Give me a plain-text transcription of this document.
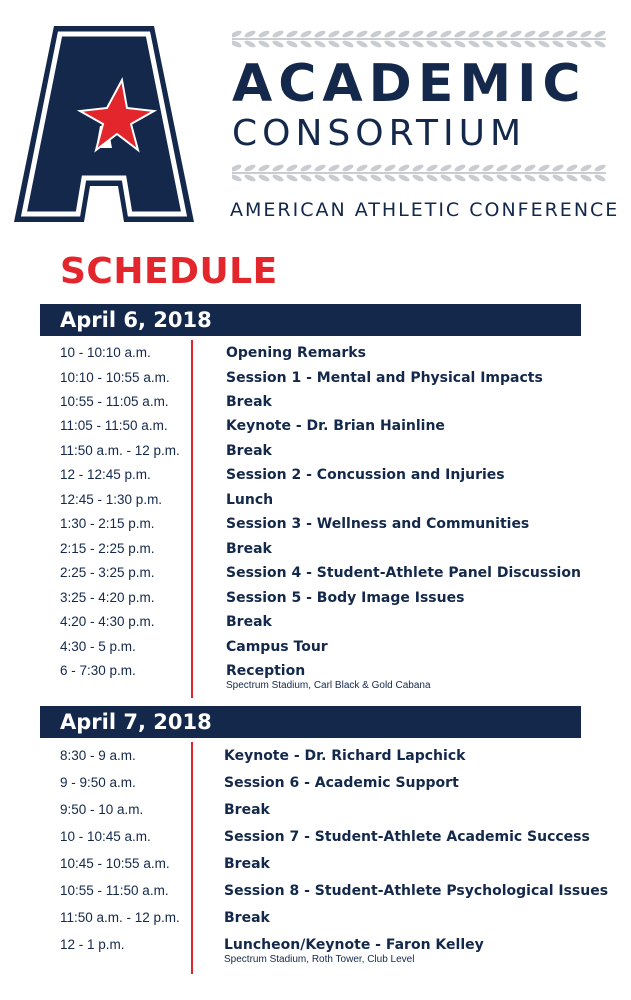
ACADEMIC
CONSORTIUM
AMERICAN ATHLETIC CONFERENCE
SCHEDULE
April 6, 2018
10 - 10:10 a.m.	Opening Remarks
10:10 - 10:55 a.m.	Session 1 - Mental and Physical Impacts
10:55 - 11:05 a.m.	Break
11:05 - 11:50 a.m.	Keynote - Dr. Brian Hainline
11:50 a.m. - 12 p.m.	Break
12 - 12:45 p.m.	Session 2 - Concussion and Injuries
12:45 - 1:30 p.m.	Lunch
1:30 - 2:15 p.m.	Session 3 - Wellness and Communities
2:15 - 2:25 p.m.	Break
2:25 - 3:25 p.m.	Session 4 - Student-Athlete Panel Discussion
3:25 - 4:20 p.m.	Session 5 - Body Image Issues
4:20 - 4:30 p.m.	Break
4:30 - 5 p.m.	Campus Tour
6 - 7:30 p.m.	Reception
Spectrum Stadium, Carl Black & Gold Cabana
April 7, 2018
8:30 - 9 a.m.	Keynote - Dr. Richard Lapchick
9 - 9:50 a.m.	Session 6 - Academic Support
9:50 - 10 a.m.	Break
10 - 10:45 a.m.	Session 7 - Student-Athlete Academic Success
10:45 - 10:55 a.m.	Break
10:55 - 11:50 a.m.	Session 8 - Student-Athlete Psychological Issues
11:50 a.m. - 12 p.m.	Break
12 - 1 p.m.	Luncheon/Keynote - Faron Kelley
Spectrum Stadium, Roth Tower, Club Level
